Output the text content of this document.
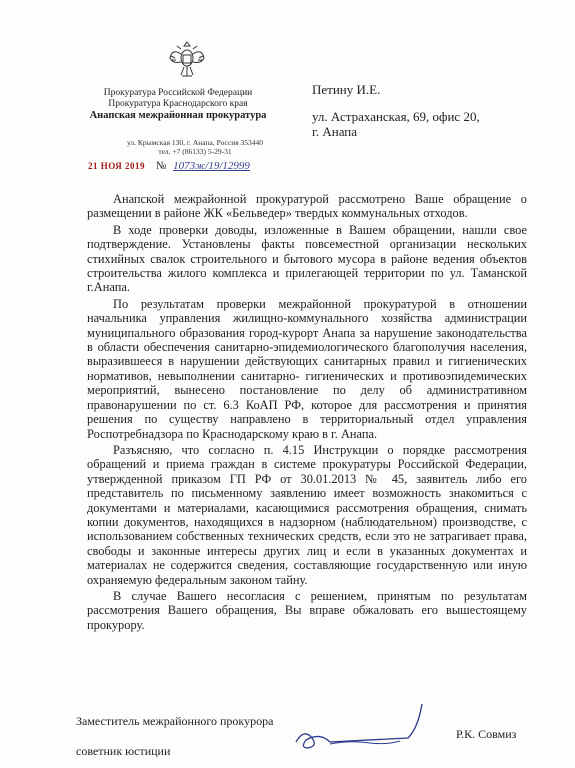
Прокуратура Российской Федерации
Прокуратура Краснодарского края
Анапская межрайонная прокуратура
ул. Крымская 130, г. Анапа, Россия 353440
тел. +7 (86133) 5-29-31
21 НОЯ 2019 № 1073ж/19/12999
Петину И.Е.
ул. Астраханская, 69, офис 20,
г. Анапа

Анапской межрайонной прокуратурой рассмотрено Ваше обращение о размещении в районе ЖК «Бельведер» твердых коммунальных отходов.

В ходе проверки доводы, изложенные в Вашем обращении, нашли свое подтверждение. Установлены факты повсеместной организации нескольких стихийных свалок строительного и бытового мусора в районе ведения объектов строительства жилого комплекса и прилегающей территории по ул. Таманской г.Анапа.

По результатам проверки межрайонной прокуратурой в отношении начальника управления жилищно-коммунального хозяйства администрации муниципального образования город-курорт Анапа за нарушение законодательства в области обеспечения санитарно-эпидемиологического благополучия населения, выразившееся в нарушении действующих санитарных правил и гигиенических нормативов, невыполнении санитарно- гигиенических и противоэпидемических мероприятий, вынесено постановление по делу об административном правонарушении по ст. 6.3 КоАП РФ, которое для рассмотрения и принятия решения по существу направлено в территориальный отдел управления Роспотребнадзора по Краснодарскому краю в г. Анапа.

Разъясняю, что согласно п. 4.15 Инструкции о порядке рассмотрения обращений и приема граждан в системе прокуратуры Российской Федерации, утвержденной приказом ГП РФ от 30.01.2013 № 45, заявитель либо его представитель по письменному заявлению имеет возможность знакомиться с документами и материалами, касающимися рассмотрения обращения, снимать копии документов, находящихся в надзорном (наблюдательном) производстве, с использованием собственных технических средств, если это не затрагивает права, свободы и законные интересы других лиц и если в указанных документах и материалах не содержится сведения, составляющие государственную или иную охраняемую федеральным законом тайну.

В случае Вашего несогласия с решением, принятым по результатам рассмотрения Вашего обращения, Вы вправе обжаловать его вышестоящему прокурору.

Заместитель межрайонного прокурора
советник юстиции
Р.К. Совмиз
